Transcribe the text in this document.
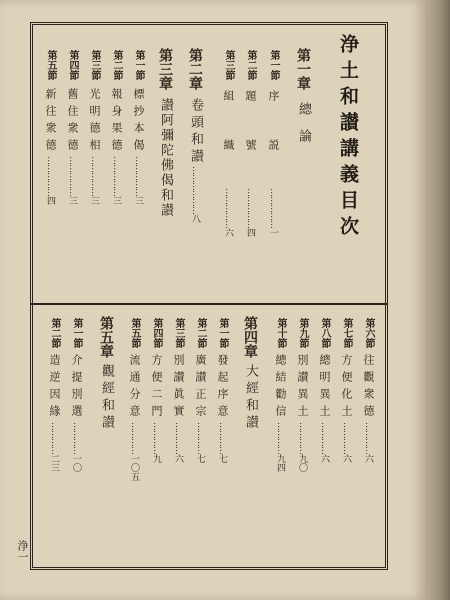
浄土和讃講義目次
浄一
第一章總論
第一節序説……………一
第二節題號……………四
第三節組織……………六
第二章卷頭和讃………………八
第三章讃阿彌陀佛偈和讃
第一節標抄本偈……………三
第二節報身果德……………三
第三節光明德相……………三
第四節舊住衆德……………三
第五節新往衆德……………四
第六節往觀衆德…………六
第七節方便化土…………六
第八節總明異土…………六
第九節別讃異土…………九〇
第十節總結勸信…………九四
第四章大經和讃
第一節發起序意…………七
第二節廣讃正宗…………七
第三節別讃眞實…………六
第四節方便二門…………九
第五節流通分意…………一〇五
第五章觀經和讃
第一節介提別選…………一〇
第二節造逆因緣…………二三
